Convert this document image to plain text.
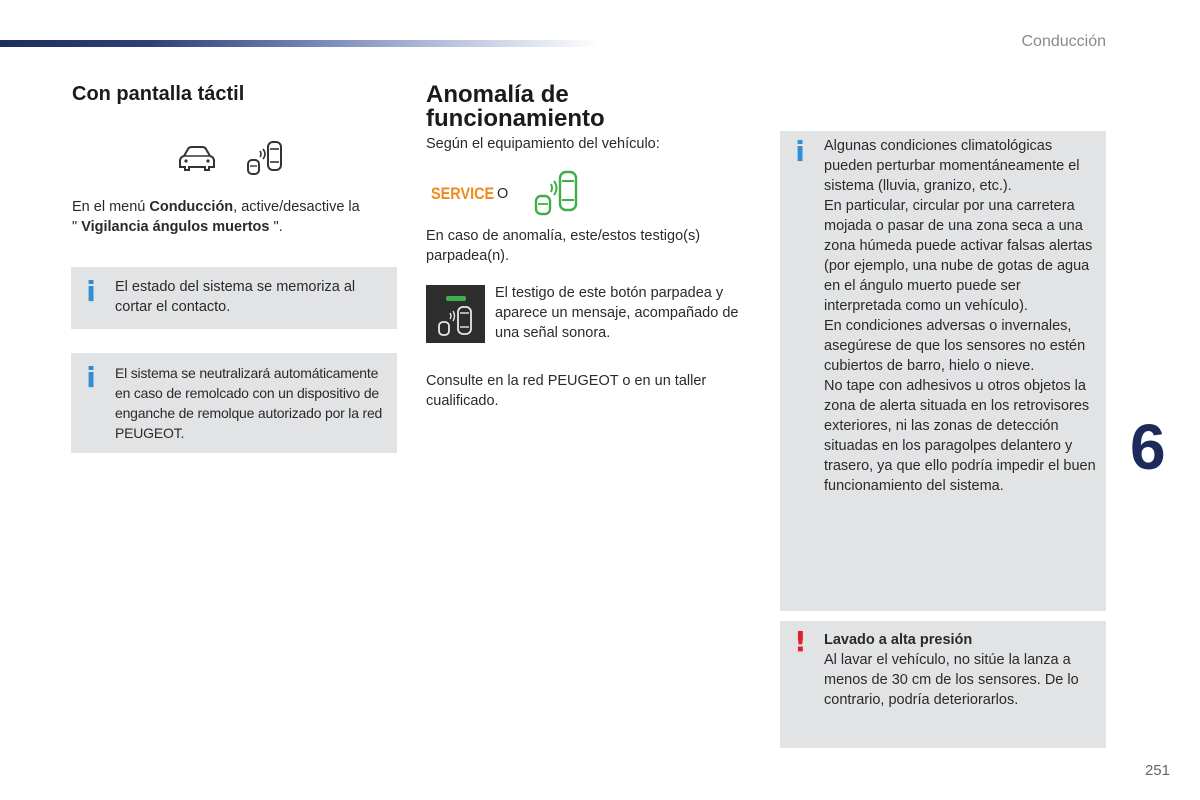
Conducción
6
251
Con pantalla táctil

En el menú Conducción, active/desactive la
" Vigilancia ángulos muertos ".

i El estado del sistema se memoriza al cortar el contacto.
i El sistema se neutralizará automáticamente en caso de remolcado con un dispositivo de enganche de remolque autorizado por la red PEUGEOT.
Anomalía de
funcionamiento

Según el equipamiento del vehículo:

SERVICE O

En caso de anomalía, este/estos testigo(s) parpadea(n).

El testigo de este botón parpadea y aparece un mensaje, acompañado de una señal sonora.

Consulte en la red PEUGEOT o en un taller cualificado.

i Algunas condiciones climatológicas pueden perturbar momentáneamente el sistema (lluvia, granizo, etc.).
En particular, circular por una carretera mojada o pasar de una zona seca a una zona húmeda puede activar falsas alertas (por ejemplo, una nube de gotas de agua en el ángulo muerto puede ser interpretada como un vehículo).
En condiciones adversas o invernales, asegúrese de que los sensores no estén cubiertos de barro, hielo o nieve.
No tape con adhesivos u otros objetos la zona de alerta situada en los retrovisores exteriores, ni las zonas de detección situadas en los paragolpes delantero y trasero, ya que ello podría impedir el buen funcionamiento del sistema.
! Lavado a alta presión
Al lavar el vehículo, no sitúe la lanza a menos de 30 cm de los sensores. De lo contrario, podría deteriorarlos.
